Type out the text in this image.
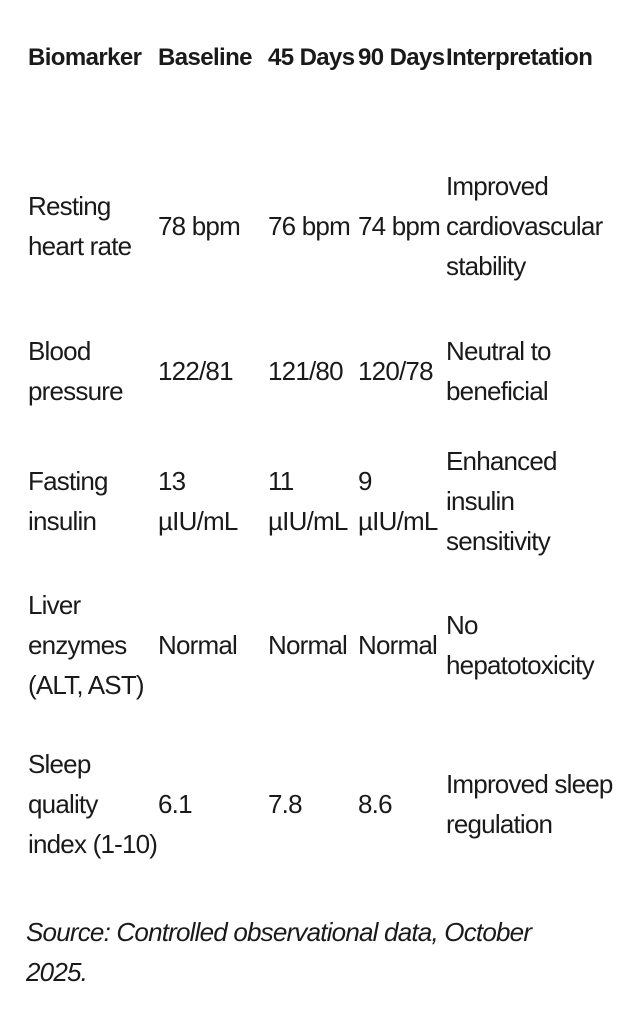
Biomarker	Baseline	45 Days	90 Days	Interpretation
Resting heart rate	78 bpm	76 bpm	74 bpm	Improved cardiovascular stability
Blood pressure	122/81	121/80	120/78	Neutral to beneficial
Fasting insulin	13 µIU/mL	11 µIU/mL	9 µIU/mL	Enhanced insulin sensitivity
Liver enzymes (ALT, AST)	Normal	Normal	Normal	No hepatotoxicity
Sleep quality index (1-10)	6.1	7.8	8.6	Improved sleep regulation
Source: Controlled observational data, October 2025.
